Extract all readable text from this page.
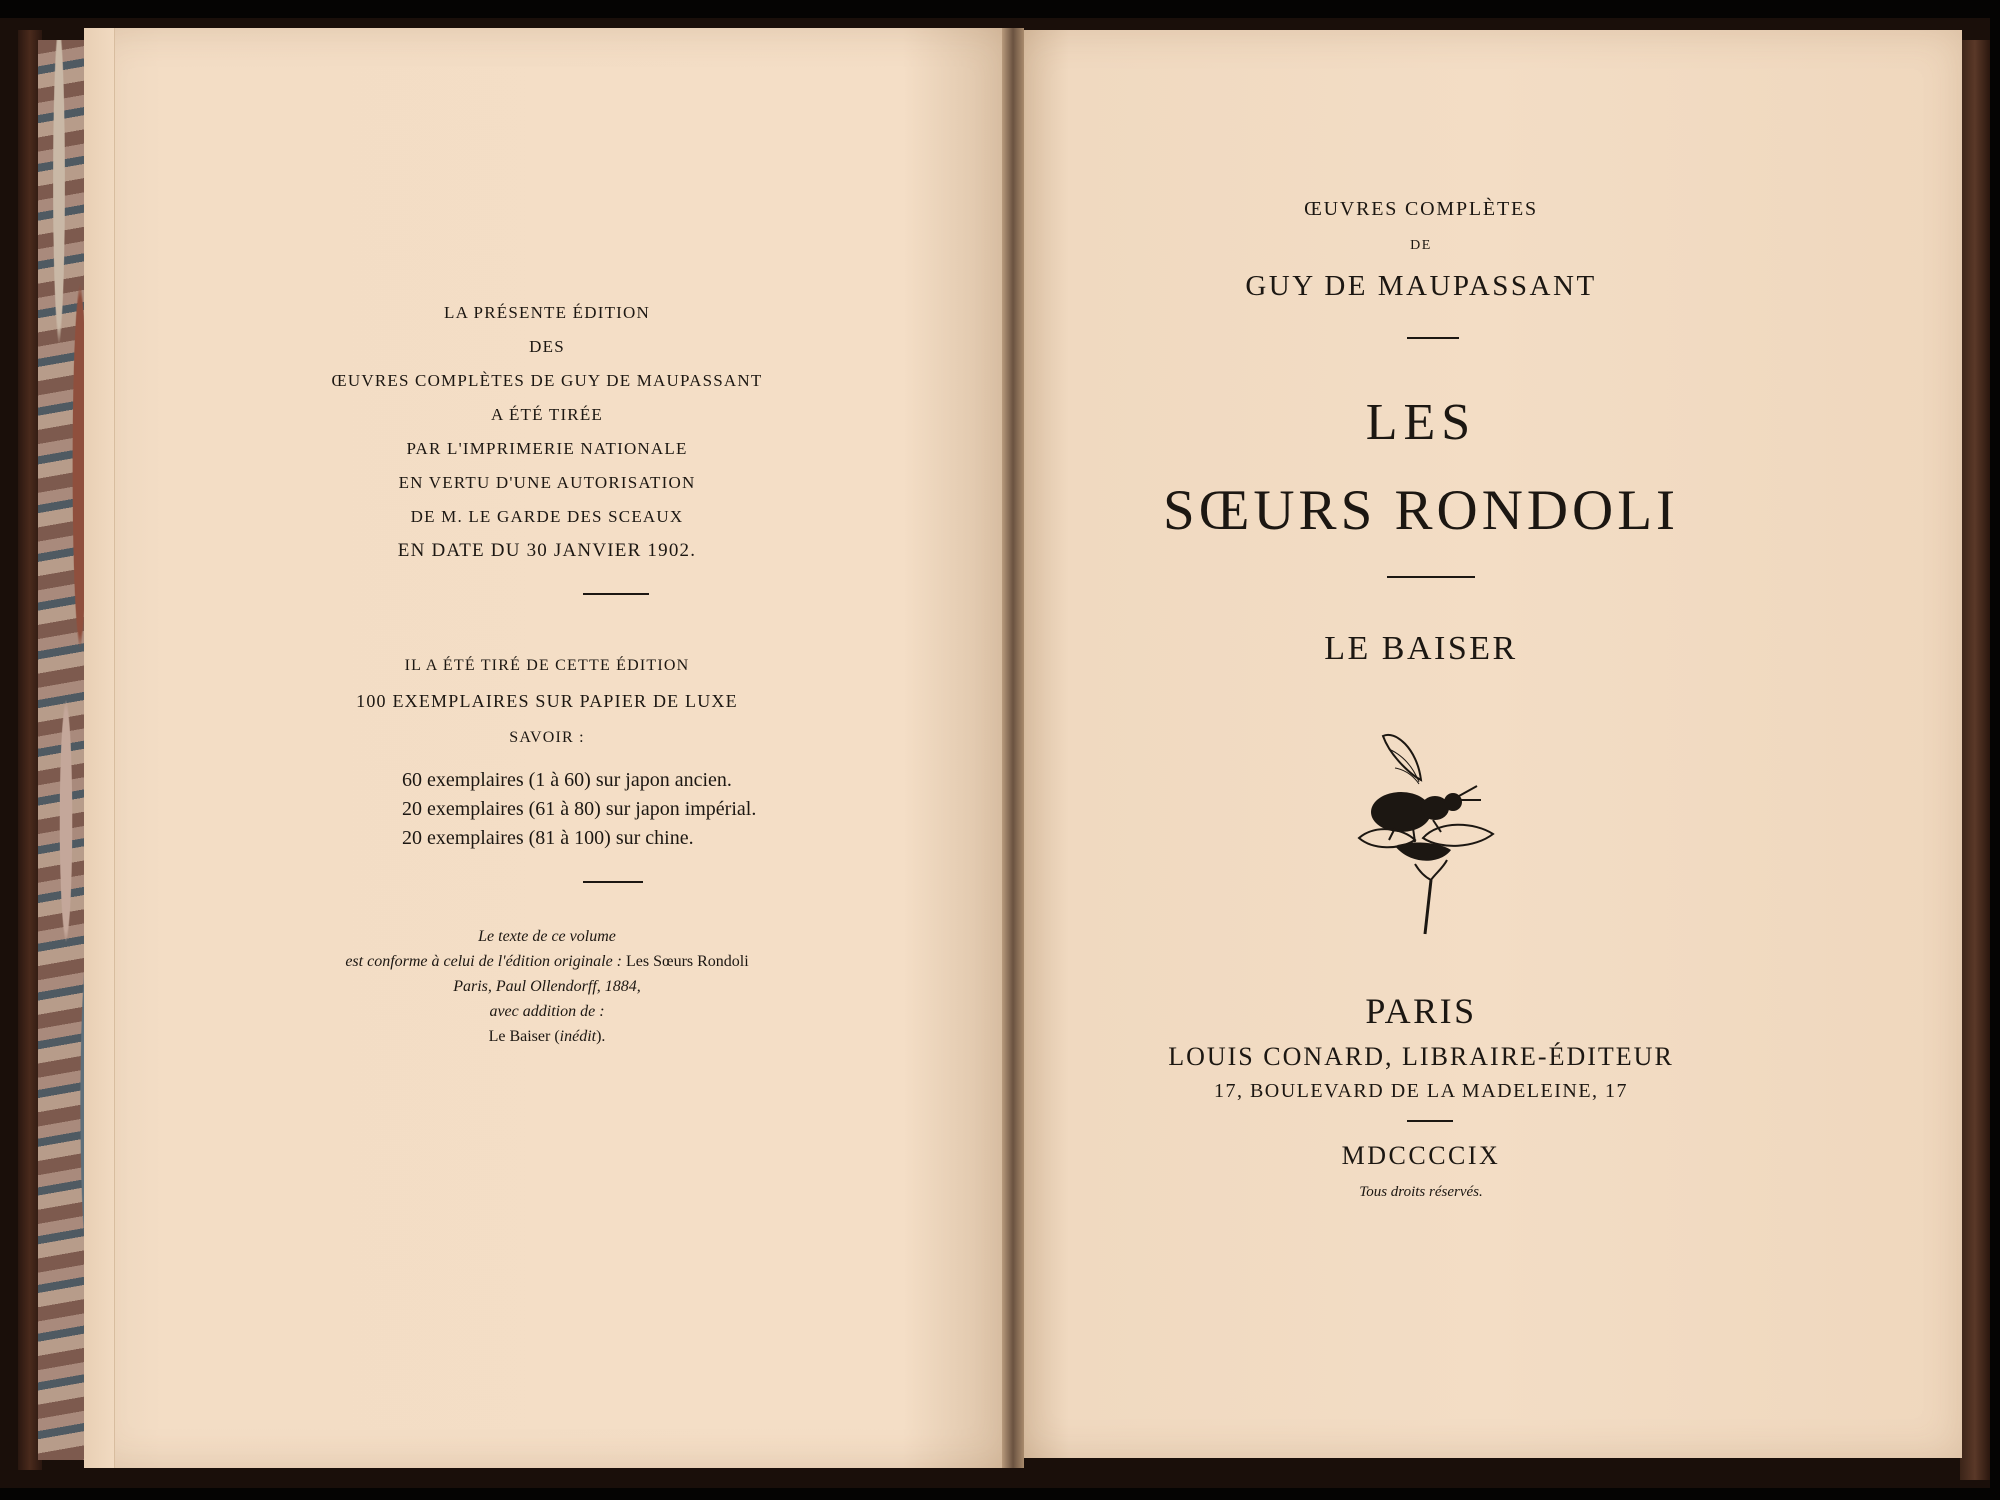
LA PRÉSENTE ÉDITION
DES
ŒUVRES COMPLÈTES DE GUY DE MAUPASSANT
A ÉTÉ TIRÉE
PAR L'IMPRIMERIE NATIONALE
EN VERTU D'UNE AUTORISATION
DE M. LE GARDE DES SCEAUX
EN DATE DU 30 JANVIER 1902.
IL A ÉTÉ TIRÉ DE CETTE ÉDITION
100 EXEMPLAIRES SUR PAPIER DE LUXE
SAVOIR :
60 exemplaires (1 à 60) sur japon ancien.
20 exemplaires (61 à 80) sur japon impérial.
20 exemplaires (81 à 100) sur chine.
Le texte de ce volume
est conforme à celui de l'édition originale : Les Sœurs Rondoli
Paris, Paul Ollendorff, 1884,
avec addition de :
Le Baiser (inédit).
ŒUVRES COMPLÈTES
DE
GUY DE MAUPASSANT
LES
SŒURS RONDOLI
LE BAISER
PARIS
LOUIS CONARD, LIBRAIRE-ÉDITEUR
17, BOULEVARD DE LA MADELEINE, 17
MDCCCCIX
Tous droits réservés.
